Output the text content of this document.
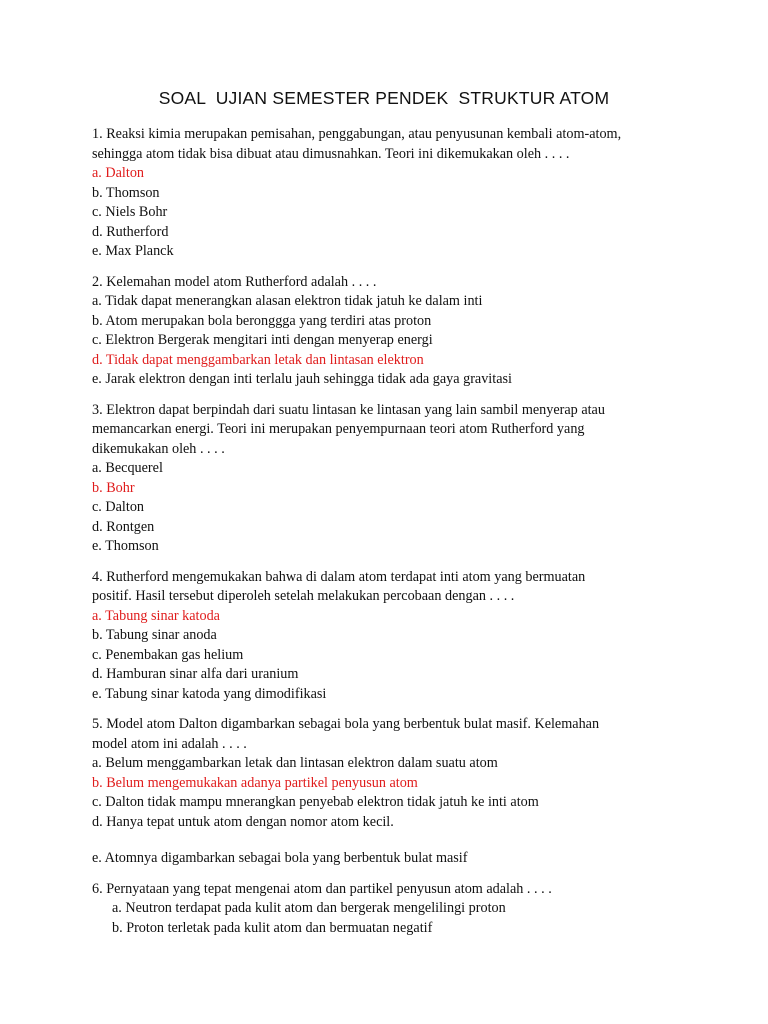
SOAL  UJIAN SEMESTER PENDEK  STRUKTUR ATOM
1. Reaksi kimia merupakan pemisahan, penggabungan, atau penyusunan kembali atom-atom,
sehingga atom tidak bisa dibuat atau dimusnahkan. Teori ini dikemukakan oleh . . . .
a. Dalton
b. Thomson
c. Niels Bohr
d. Rutherford
e. Max Planck
2. Kelemahan model atom Rutherford adalah . . . .
a. Tidak dapat menerangkan alasan elektron tidak jatuh ke dalam inti
b. Atom merupakan bola beronggga yang terdiri atas proton
c. Elektron Bergerak mengitari inti dengan menyerap energi
d. Tidak dapat menggambarkan letak dan lintasan elektron
e. Jarak elektron dengan inti terlalu jauh sehingga tidak ada gaya gravitasi
3. Elektron dapat berpindah dari suatu lintasan ke lintasan yang lain sambil menyerap atau
memancarkan energi. Teori ini merupakan penyempurnaan teori atom Rutherford yang
dikemukakan oleh . . . .
a. Becquerel
b. Bohr
c. Dalton
d. Rontgen
e. Thomson
4. Rutherford mengemukakan bahwa di dalam atom terdapat inti atom yang bermuatan
positif. Hasil tersebut diperoleh setelah melakukan percobaan dengan . . . .
a. Tabung sinar katoda
b. Tabung sinar anoda
c. Penembakan gas helium
d. Hamburan sinar alfa dari uranium
e. Tabung sinar katoda yang dimodifikasi
5. Model atom Dalton digambarkan sebagai bola yang berbentuk bulat masif. Kelemahan
model atom ini adalah . . . .
a. Belum menggambarkan letak dan lintasan elektron dalam suatu atom
b. Belum mengemukakan adanya partikel penyusun atom
c. Dalton tidak mampu mnerangkan penyebab elektron tidak jatuh ke inti atom
d. Hanya tepat untuk atom dengan nomor atom kecil.
e. Atomnya digambarkan sebagai bola yang berbentuk bulat masif
6. Pernyataan yang tepat mengenai atom dan partikel penyusun atom adalah . . . .
a. Neutron terdapat pada kulit atom dan bergerak mengelilingi proton
b. Proton terletak pada kulit atom dan bermuatan negatif
